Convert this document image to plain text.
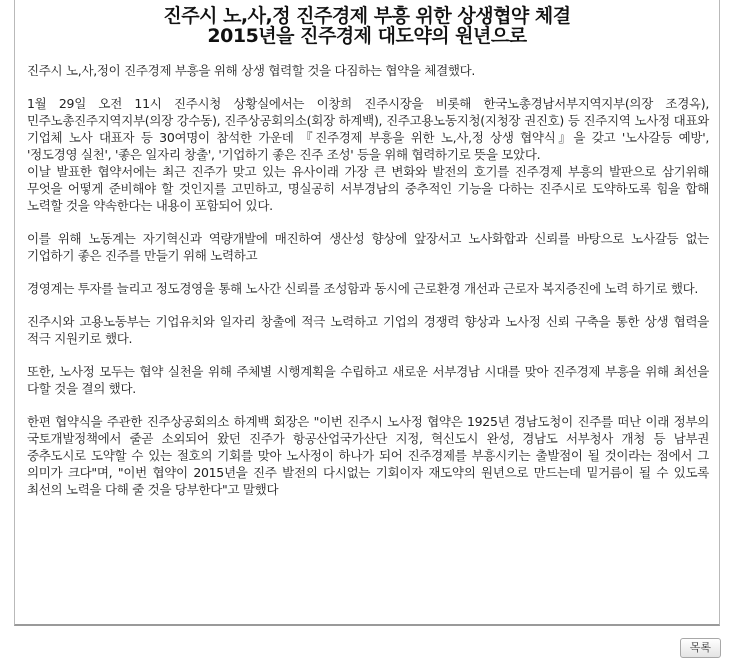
진주시 노,사,정 진주경제 부흥 위한 상생협약 체결
2015년을 진주경제 대도약의 원년으로

진주시 노,사,정이 진주경제 부흥을 위해 상생 협력할 것을 다짐하는 협약을 체결했다.

1월 29일 오전 11시 진주시청 상황실에서는 이창희 진주시장을 비롯해 한국노총경남서부지역지부(의장 조경옥), 민주노총진주지역지부(의장 강수동), 진주상공회의소(회장 하계백), 진주고용노동지청(지청장 권진호) 등 진주지역 노사정 대표와 기업체 노사 대표자 등 30여명이 참석한 가운데 『진주경제 부흥을 위한 노,사,정 상생 협약식』을 갖고 '노사갈등 예방', '정도경영 실천', '좋은 일자리 창출', '기업하기 좋은 진주 조성' 등을 위해 협력하기로 뜻을 모았다.

이날 발표한 협약서에는 최근 진주가 맞고 있는 유사이래 가장 큰 변화와 발전의 호기를 진주경제 부흥의 발판으로 삼기위해 무엇을 어떻게 준비해야 할 것인지를 고민하고, 명실공히 서부경남의 중추적인 기능을 다하는 진주시로 도약하도록 힘을 합해 노력할 것을 약속한다는 내용이 포함되어 있다.

이를 위해 노동계는 자기혁신과 역량개발에 매진하여 생산성 향상에 앞장서고 노사화합과 신뢰를 바탕으로 노사갈등 없는 기업하기 좋은 진주를 만들기 위해 노력하고

경영계는 투자를 늘리고 정도경영을 통해 노사간 신뢰를 조성함과 동시에 근로환경 개선과 근로자 복지증진에 노력 하기로 했다.

진주시와 고용노동부는 기업유치와 일자리 창출에 적극 노력하고 기업의 경쟁력 향상과 노사정 신뢰 구축을 통한 상생 협력을 적극 지원키로 했다.

또한, 노사정 모두는 협약 실천을 위해 주체별 시행계획을 수립하고 새로운 서부경남 시대를 맞아 진주경제 부흥을 위해 최선을 다할 것을 결의 했다.

한편 협약식을 주관한 진주상공회의소 하계백 회장은 "이번 진주시 노사정 협약은 1925년 경남도청이 진주를 떠난 이래 정부의 국토개발정책에서 줄곧 소외되어 왔던 진주가 항공산업국가산단 지정, 혁신도시 완성, 경남도 서부청사 개청 등 남부권 중추도시로 도약할 수 있는 절호의 기회를 맞아 노사정이 하나가 되어 진주경제를 부흥시키는 출발점이 될 것이라는 점에서 그 의미가 크다"며, "이번 협약이 2015년을 진주 발전의 다시없는 기회이자 재도약의 원년으로 만드는데 밑거름이 될 수 있도록 최선의 노력을 다해 줄 것을 당부한다"고 말했다

목록
